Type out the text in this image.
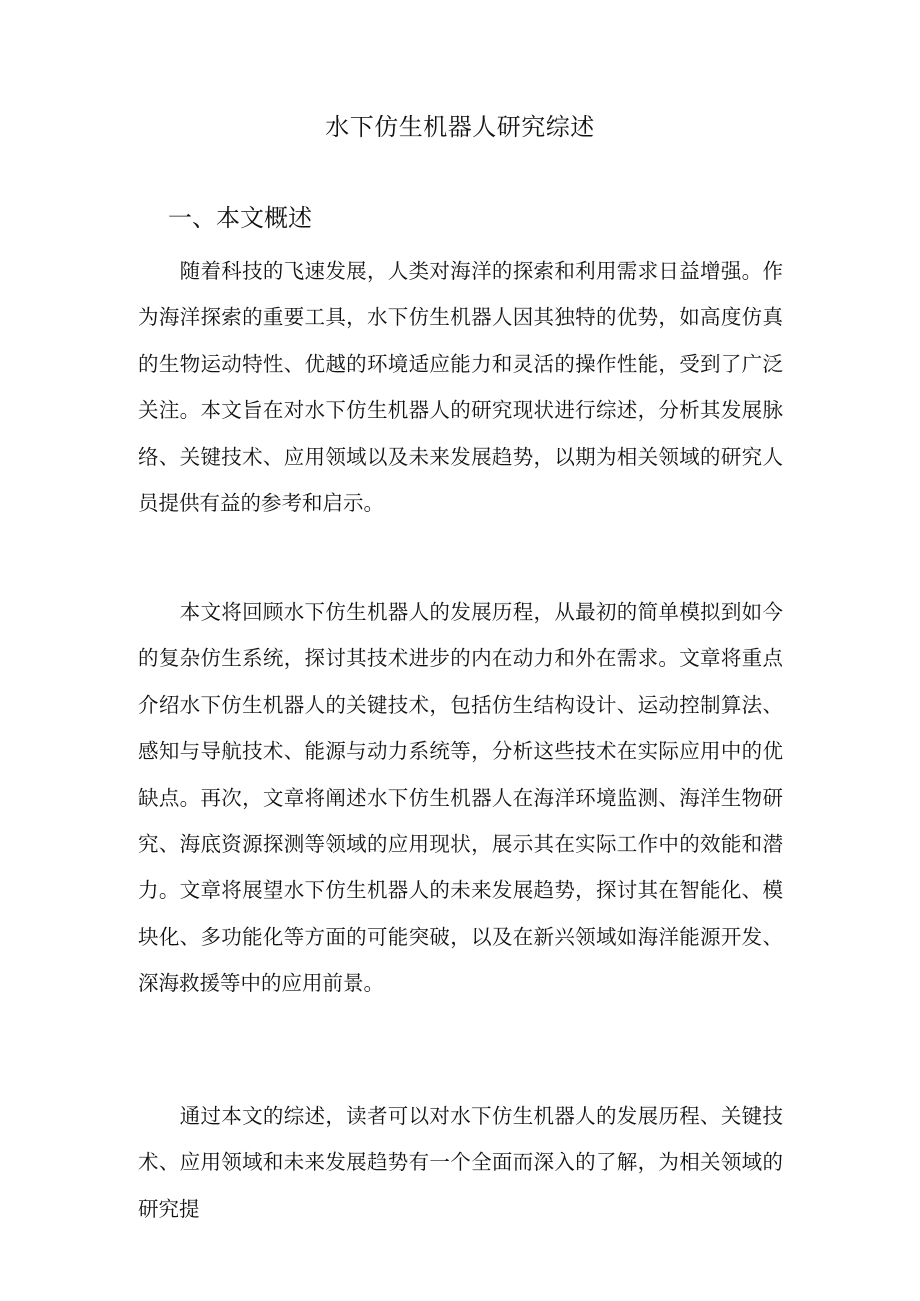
水下仿生机器人研究综述
一、本文概述

　　随着科技的飞速发展，人类对海洋的探索和利用需求日益增强。作为海洋探索的重要工具，水下仿生机器人因其独特的优势，如高度仿真的生物运动特性、优越的环境适应能力和灵活的操作性能，受到了广泛关注。本文旨在对水下仿生机器人的研究现状进行综述，分析其发展脉络、关键技术、应用领域以及未来发展趋势，以期为相关领域的研究人员提供有益的参考和启示。

　　本文将回顾水下仿生机器人的发展历程，从最初的简单模拟到如今的复杂仿生系统，探讨其技术进步的内在动力和外在需求。文章将重点介绍水下仿生机器人的关键技术，包括仿生结构设计、运动控制算法、感知与导航技术、能源与动力系统等，分析这些技术在实际应用中的优缺点。再次，文章将阐述水下仿生机器人在海洋环境监测、海洋生物研究、海底资源探测等领域的应用现状，展示其在实际工作中的效能和潜力。文章将展望水下仿生机器人的未来发展趋势，探讨其在智能化、模块化、多功能化等方面的可能突破，以及在新兴领域如海洋能源开发、深海救援等中的应用前景。

　　通过本文的综述，读者可以对水下仿生机器人的发展历程、关键技术、应用领域和未来发展趋势有一个全面而深入的了解，为相关领域的研究提
